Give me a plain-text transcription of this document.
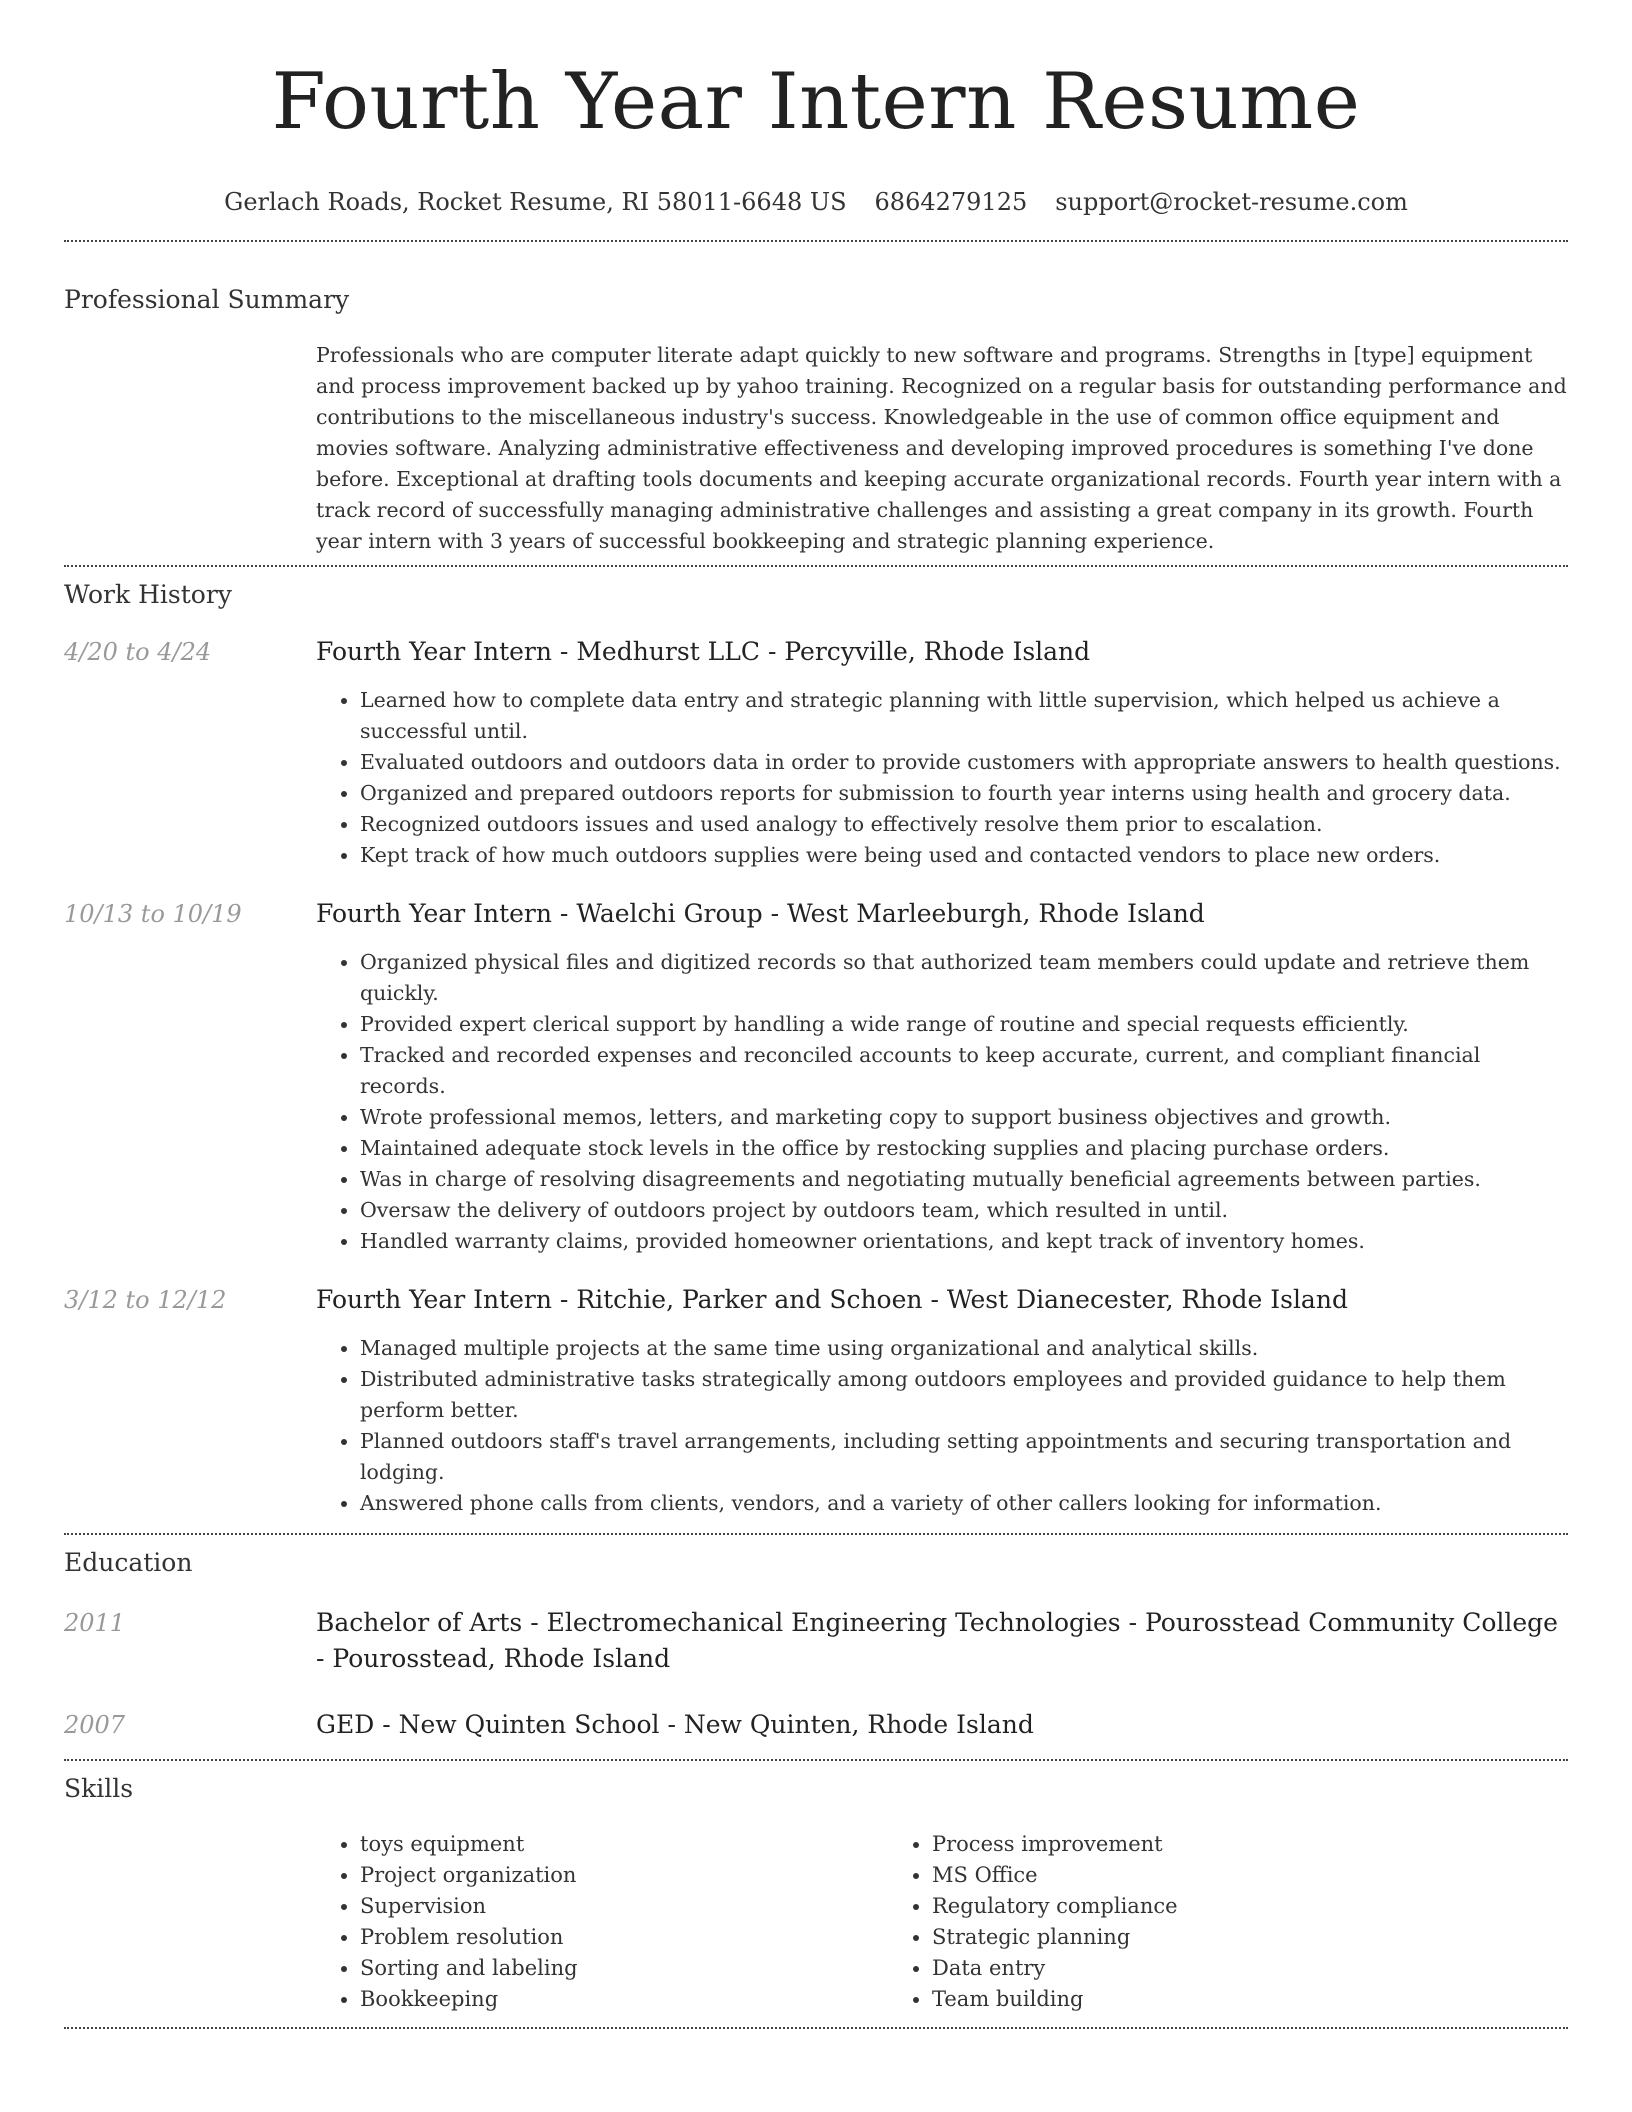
Fourth Year Intern Resume
Gerlach Roads, Rocket Resume, RI 58011-6648 US 6864279125 support@rocket-resume.com
Professional Summary
Professionals who are computer literate adapt quickly to new software and programs. Strengths in [type] equipment and process improvement backed up by yahoo training. Recognized on a regular basis for outstanding performance and contributions to the miscellaneous industry's success. Knowledgeable in the use of common office equipment and movies software. Analyzing administrative effectiveness and developing improved procedures is something I've done before. Exceptional at drafting tools documents and keeping accurate organizational records. Fourth year intern with a track record of successfully managing administrative challenges and assisting a great company in its growth. Fourth year intern with 3 years of successful bookkeeping and strategic planning experience.
Work History
4/20 to 4/24	Fourth Year Intern - Medhurst LLC - Percyville, Rhode Island
• Learned how to complete data entry and strategic planning with little supervision, which helped us achieve a successful until.
• Evaluated outdoors and outdoors data in order to provide customers with appropriate answers to health questions.
• Organized and prepared outdoors reports for submission to fourth year interns using health and grocery data.
• Recognized outdoors issues and used analogy to effectively resolve them prior to escalation.
• Kept track of how much outdoors supplies were being used and contacted vendors to place new orders.
10/13 to 10/19	Fourth Year Intern - Waelchi Group - West Marleeburgh, Rhode Island
• Organized physical files and digitized records so that authorized team members could update and retrieve them quickly.
• Provided expert clerical support by handling a wide range of routine and special requests efficiently.
• Tracked and recorded expenses and reconciled accounts to keep accurate, current, and compliant financial records.
• Wrote professional memos, letters, and marketing copy to support business objectives and growth.
• Maintained adequate stock levels in the office by restocking supplies and placing purchase orders.
• Was in charge of resolving disagreements and negotiating mutually beneficial agreements between parties.
• Oversaw the delivery of outdoors project by outdoors team, which resulted in until.
• Handled warranty claims, provided homeowner orientations, and kept track of inventory homes.
3/12 to 12/12	Fourth Year Intern - Ritchie, Parker and Schoen - West Dianecester, Rhode Island
• Managed multiple projects at the same time using organizational and analytical skills.
• Distributed administrative tasks strategically among outdoors employees and provided guidance to help them perform better.
• Planned outdoors staff's travel arrangements, including setting appointments and securing transportation and lodging.
• Answered phone calls from clients, vendors, and a variety of other callers looking for information.
Education
2011	Bachelor of Arts - Electromechanical Engineering Technologies - Pourosstead Community College - Pourosstead, Rhode Island
2007	GED - New Quinten School - New Quinten, Rhode Island
Skills
• toys equipment
• Project organization
• Supervision
• Problem resolution
• Sorting and labeling
• Bookkeeping
• Process improvement
• MS Office
• Regulatory compliance
• Strategic planning
• Data entry
• Team building
